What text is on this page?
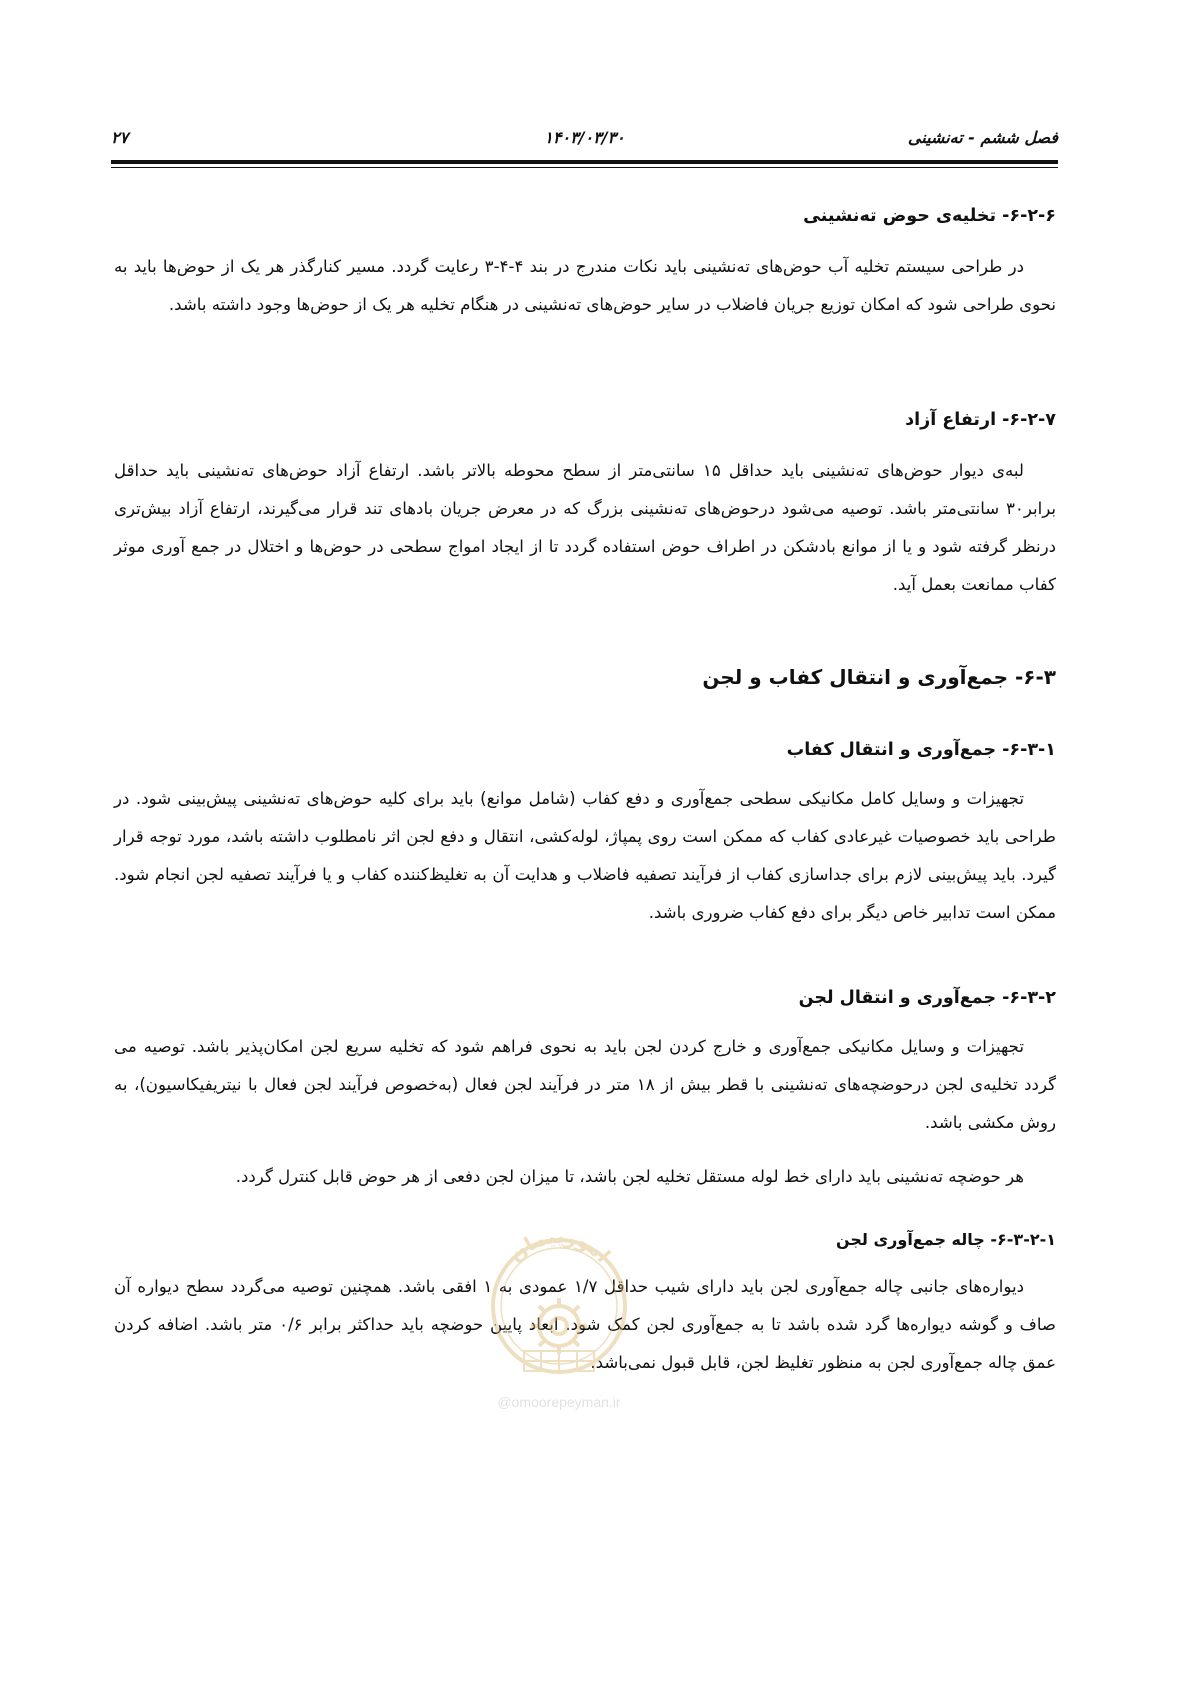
فصل ششم - ته‌نشینی
۱۴۰۳/۰۳/۳۰
۲۷
۶-۲-۶- تخلیه‌ی حوض ته‌نشینی
در طراحی سیستم تخلیه آب حوض‌های ته‌نشینی باید نکات مندرج در بند ۴-۴-۳ رعایت گردد. مسیر کنارگذر هر یک از حوض‌ها باید به نحوی طراحی شود که امکان توزیع جریان فاضلاب در سایر حوض‌های ته‌نشینی در هنگام تخلیه هر یک از حوض‌ها وجود داشته باشد.
۶-۲-۷- ارتفاع آزاد
لبه‌ی دیوار حوض‌های ته‌نشینی باید حداقل ۱۵ سانتی‌متر از سطح محوطه بالاتر باشد. ارتفاع آزاد حوض‌های ته‌نشینی باید حداقل برابر۳۰ سانتی‌متر باشد. توصیه می‌شود درحوض‌های ته‌نشینی بزرگ که در معرض جریان بادهای تند قرار می‌گیرند، ارتفاع آزاد بیش‌تری درنظر گرفته شود و یا از موانع بادشکن در اطراف حوض استفاده گردد تا از ایجاد امواج سطحی در حوض‌ها و اختلال در جمع آوری موثر کفاب ممانعت بعمل آید.
۶-۳- جمع‌آوری و انتقال کفاب و لجن
۶-۳-۱- جمع‌آوری و انتقال کفاب
تجهیزات و وسایل کامل مکانیکی سطحی جمع‌آوری و دفع کفاب (شامل موانع) باید برای کلیه حوض‌های ته‌نشینی پیش‌بینی شود. در طراحی باید خصوصیات غیرعادی کفاب که ممکن است روی پمپاژ، لوله‌کشی، انتقال و دفع لجن اثر نامطلوب داشته باشد، مورد توجه قرار گیرد. باید پیش‌بینی لازم برای جداسازی کفاب از فرآیند تصفیه فاضلاب و هدایت آن به تغلیظ‌کننده کفاب و یا فرآیند تصفیه لجن انجام شود. ممکن است تدابیر خاص دیگر برای دفع کفاب ضروری باشد.
۶-۳-۲- جمع‌آوری و انتقال لجن
تجهیزات و وسایل مکانیکی جمع‌آوری و خارج کردن لجن باید به نحوی فراهم شود که تخلیه سریع لجن امکان‌پذیر باشد. توصیه می گردد تخلیه‌ی لجن درحوضچه‌های ته‌نشینی با قطر بیش از ۱۸ متر در فرآیند لجن فعال (به‌خصوص فرآیند لجن فعال با نیتریفیکاسیون)، به روش مکشی باشد.
هر حوضچه ته‌نشینی باید دارای خط لوله مستقل تخلیه لجن باشد، تا میزان لجن دفعی از هر حوض قابل کنترل گردد.
۶-۳-۲-۱- چاله جمع‌آوری لجن
دیواره‌های جانبی چاله جمع‌آوری لجن باید دارای شیب حداقل ۱/۷ عمودی به ۱ افقی باشد. همچنین توصیه می‌گردد سطح دیواره آن صاف و گوشه دیواره‌ها گرد شده باشد تا به جمع‌آوری لجن کمک شود. ابعاد پایین حوضچه باید حداکثر برابر ۰/۶ متر باشد. اضافه کردن عمق چاله جمع‌آوری لجن به منظور تغلیظ لجن، قابل قبول نمی‌باشد.
امورپیمان
@omoorepeyman.ir
